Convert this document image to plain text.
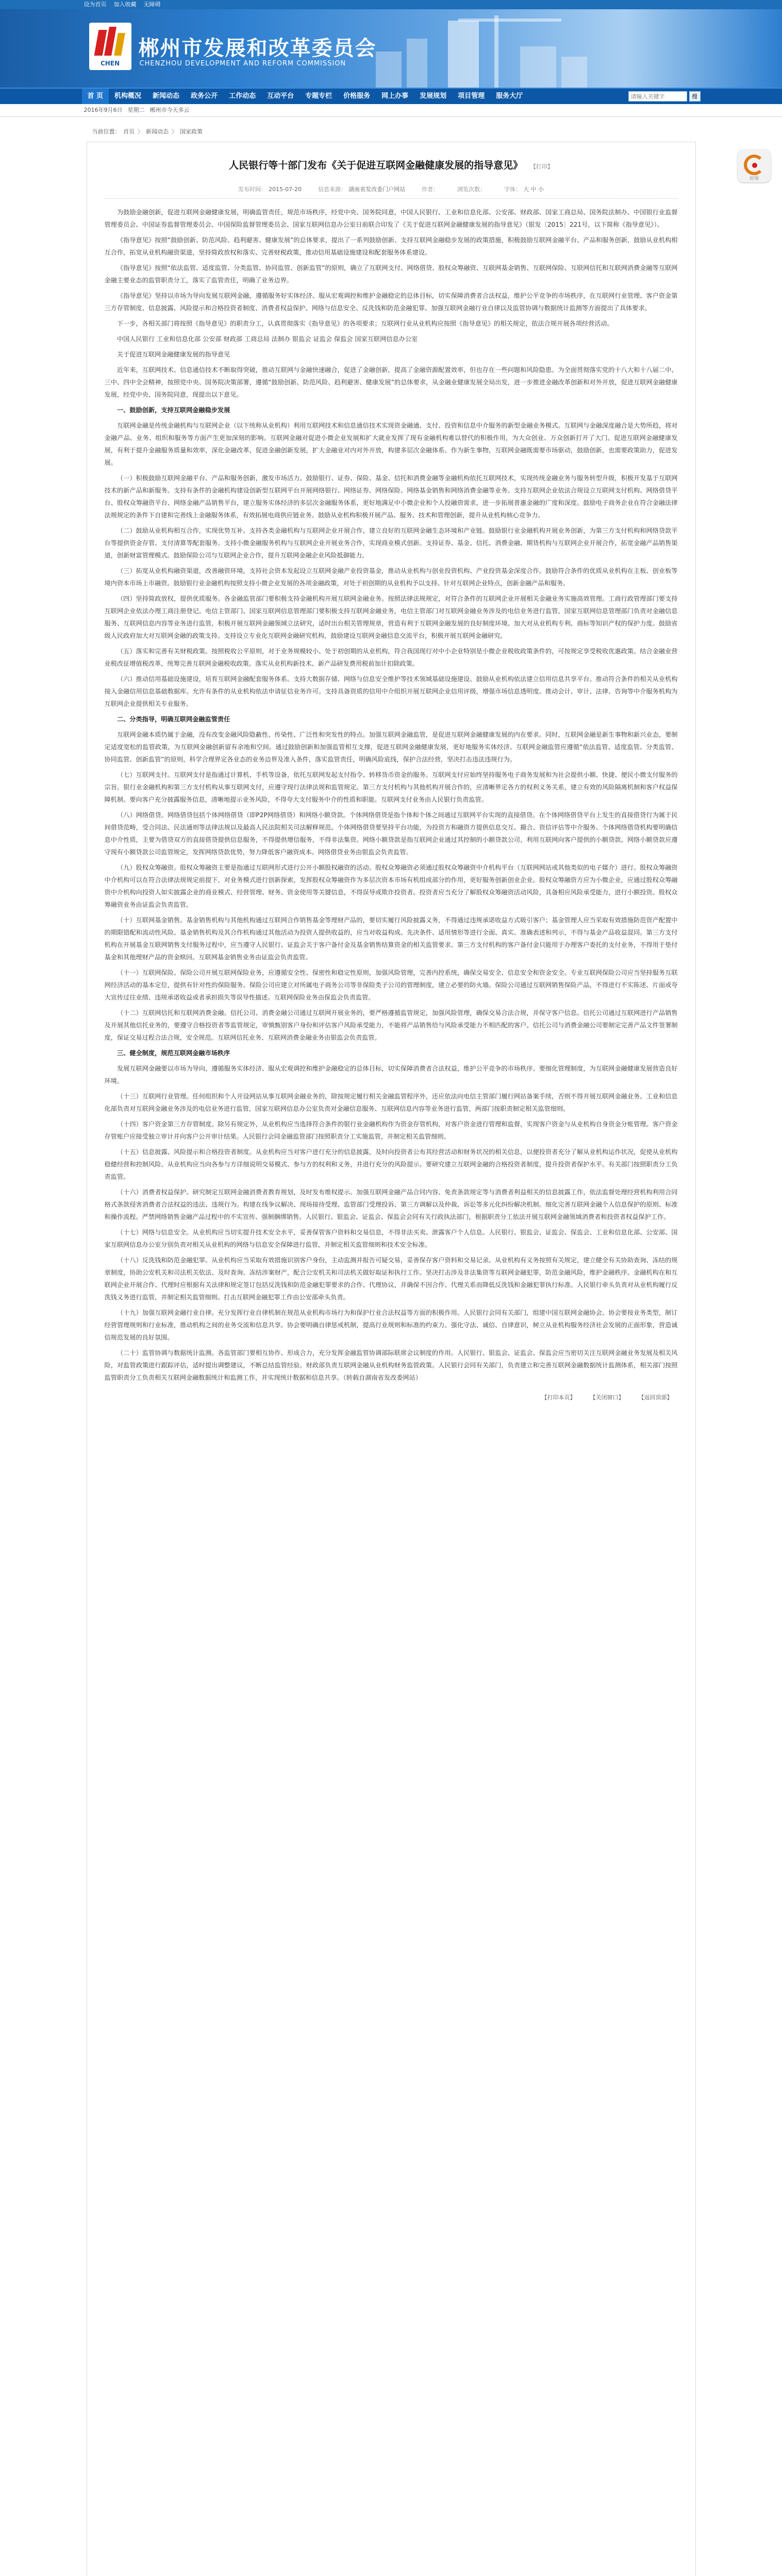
设为首页 加入收藏 无障碍
CHEN
郴州市发展和改革委员会
CHENZHOU DEVELOPMENT AND REFORM COMMISSION
首 页	机构概况	新闻动态	政务公开	工作动态	互动平台	专题专栏	价格服务	网上办事	发展规划	项目管理	服务大厅
请输入关键字	搜
2016年9月6日 星期二 郴州市今天多云
当前位置： 首页 〉 新闻动态 〉 国家政策
人民银行等十部门发布《关于促进互联网金融健康发展的指导意见》 【打印】
发布时间： 2015-07-20	信息来源： 湖南省发改委门户网站	作者：	浏览次数：	字体： 大 中 小

为鼓励金融创新，促进互联网金融健康发展，明确监管责任，规范市场秩序，经党中央、国务院同意，中国人民银行、工业和信息化部、公安部、财政部、国家工商总局、国务院法制办、中国银行业监督管理委员会、中国证券监督管理委员会、中国保险监督管理委员会、国家互联网信息办公室日前联合印发了《关于促进互联网金融健康发展的指导意见》（银发〔2015〕221号，以下简称《指导意见》）。

《指导意见》按照“鼓励创新、防范风险、趋利避害、健康发展”的总体要求，提出了一系列鼓励创新、支持互联网金融稳步发展的政策措施，积极鼓励互联网金融平台、产品和服务创新，鼓励从业机构相互合作，拓宽从业机构融资渠道，坚持简政放权和落实、完善财税政策，推动信用基础设施建设和配套服务体系建设。

《指导意见》按照“依法监管、适度监管、分类监管、协同监管、创新监管”的原则，确立了互联网支付、网络借贷、股权众筹融资、互联网基金销售、互联网保险、互联网信托和互联网消费金融等互联网金融主要业态的监管职责分工，落实了监管责任，明确了业务边界。

《指导意见》坚持以市场为导向发展互联网金融，遵循服务好实体经济、服从宏观调控和维护金融稳定的总体目标，切实保障消费者合法权益，维护公平竞争的市场秩序，在互联网行业管理、客户资金第三方存管制度、信息披露、风险提示和合格投资者制度、消费者权益保护、网络与信息安全、反洗钱和防范金融犯罪、加强互联网金融行业自律以及监管协调与数据统计监测等方面提出了具体要求。

下一步，各相关部门将按照《指导意见》的职责分工，认真贯彻落实《指导意见》的各项要求；互联网行业从业机构应按照《指导意见》的相关规定，依法合规开展各项经营活动。

中国人民银行 工业和信息化部 公安部 财政部 工商总局 法制办 银监会 证监会 保监会 国家互联网信息办公室

关于促进互联网金融健康发展的指导意见

近年来，互联网技术、信息通信技术不断取得突破，推动互联网与金融快速融合，促进了金融创新，提高了金融资源配置效率，但也存在一些问题和风险隐患。为全面贯彻落实党的十八大和十八届二中、三中、四中全会精神，按照党中央、国务院决策部署，遵循“鼓励创新、防范风险、趋利避害、健康发展”的总体要求，从金融业健康发展全局出发，进一步推进金融改革创新和对外开放，促进互联网金融健康发展，经党中央、国务院同意，现提出以下意见。

一、鼓励创新，支持互联网金融稳步发展

互联网金融是传统金融机构与互联网企业（以下统称从业机构）利用互联网技术和信息通信技术实现资金融通、支付、投资和信息中介服务的新型金融业务模式。互联网与金融深度融合是大势所趋，将对金融产品、业务、组织和服务等方面产生更加深刻的影响。互联网金融对促进小微企业发展和扩大就业发挥了现有金融机构难以替代的积极作用，为大众创业、万众创新打开了大门。促进互联网金融健康发展，有利于提升金融服务质量和效率，深化金融改革，促进金融创新发展，扩大金融业对内对外开放，构建多层次金融体系。作为新生事物，互联网金融既需要市场驱动，鼓励创新，也需要政策助力，促进发展。

（一）积极鼓励互联网金融平台、产品和服务创新，激发市场活力。鼓励银行、证券、保险、基金、信托和消费金融等金融机构依托互联网技术，实现传统金融业务与服务转型升级，积极开发基于互联网技术的新产品和新服务。支持有条件的金融机构建设创新型互联网平台开展网络银行、网络证券、网络保险、网络基金销售和网络消费金融等业务。支持互联网企业依法合规设立互联网支付机构、网络借贷平台、股权众筹融资平台、网络金融产品销售平台，建立服务实体经济的多层次金融服务体系，更好地满足中小微企业和个人投融资需求，进一步拓展普惠金融的广度和深度。鼓励电子商务企业在符合金融法律法规规定的条件下自建和完善线上金融服务体系，有效拓展电商供应链业务。鼓励从业机构积极开展产品、服务、技术和管理创新，提升从业机构核心竞争力。

（二）鼓励从业机构相互合作，实现优势互补。支持各类金融机构与互联网企业开展合作，建立良好的互联网金融生态环境和产业链。鼓励银行业金融机构开展业务创新，为第三方支付机构和网络贷款平台等提供资金存管、支付清算等配套服务。支持小微金融服务机构与互联网企业开展业务合作，实现商业模式创新。支持证券、基金、信托、消费金融、期货机构与互联网企业开展合作，拓宽金融产品销售渠道，创新财富管理模式。鼓励保险公司与互联网企业合作，提升互联网金融企业风险抵御能力。

（三）拓宽从业机构融资渠道，改善融资环境。支持社会资本发起设立互联网金融产业投资基金，推动从业机构与创业投资机构、产业投资基金深度合作。鼓励符合条件的优质从业机构在主板、创业板等境内资本市场上市融资。鼓励银行业金融机构按照支持小微企业发展的各项金融政策，对处于初创期的从业机构予以支持。针对互联网企业特点，创新金融产品和服务。

（四）坚持简政放权，提供优质服务。各金融监管部门要积极支持金融机构开展互联网金融业务。按照法律法规规定，对符合条件的互联网企业开展相关金融业务实施高效管理。工商行政管理部门要支持互联网企业依法办理工商注册登记。电信主管部门、国家互联网信息管理部门要积极支持互联网金融业务，电信主管部门对互联网金融业务涉及的电信业务进行监管，国家互联网信息管理部门负责对金融信息服务、互联网信息内容等业务进行监管，积极开展互联网金融领域立法研究，适时出台相关管理规章，营造有利于互联网金融发展的良好制度环境。加大对从业机构专利、商标等知识产权的保护力度。鼓励省级人民政府加大对互联网金融的政策支持。支持设立专业化互联网金融研究机构，鼓励建设互联网金融信息交流平台，积极开展互联网金融研究。

（五）落实和完善有关财税政策。按照税收公平原则，对于业务规模较小、处于初创期的从业机构，符合我国现行对中小企业特别是小微企业税收政策条件的，可按规定享受税收优惠政策。结合金融业营业税改征增值税改革，统筹完善互联网金融税收政策。落实从业机构新技术、新产品研发费用税前加计扣除政策。

（六）推动信用基础设施建设，培育互联网金融配套服务体系。支持大数据存储、网络与信息安全维护等技术领域基础设施建设。鼓励从业机构依法建立信用信息共享平台。推动符合条件的相关从业机构接入金融信用信息基础数据库。允许有条件的从业机构依法申请征信业务许可。支持具备资质的信用中介组织开展互联网企业信用评级，增强市场信息透明度。推动会计、审计、法律、咨询等中介服务机构为互联网企业提供相关专业服务。

二、分类指导，明确互联网金融监管责任

互联网金融本质仍属于金融，没有改变金融风险隐蔽性、传染性、广泛性和突发性的特点。加强互联网金融监管，是促进互联网金融健康发展的内在要求。同时，互联网金融是新生事物和新兴业态，要制定适度宽松的监管政策，为互联网金融创新留有余地和空间。通过鼓励创新和加强监管相互支撑，促进互联网金融健康发展，更好地服务实体经济。互联网金融监管应遵循“依法监管、适度监管、分类监管、协同监管、创新监管”的原则，科学合理界定各业态的业务边界及准入条件，落实监管责任，明确风险底线，保护合法经营，坚决打击违法违规行为。

（七）互联网支付。互联网支付是指通过计算机、手机等设备，依托互联网发起支付指令、转移货币资金的服务。互联网支付应始终坚持服务电子商务发展和为社会提供小额、快捷、便民小微支付服务的宗旨。银行业金融机构和第三方支付机构从事互联网支付，应遵守现行法律法规和监管规定。第三方支付机构与其他机构开展合作的，应清晰界定各方的权利义务关系，建立有效的风险隔离机制和客户权益保障机制。要向客户充分披露服务信息，清晰地提示业务风险，不得夸大支付服务中介的性质和职能。互联网支付业务由人民银行负责监管。

（八）网络借贷。网络借贷包括个体网络借贷（即P2P网络借贷）和网络小额贷款。个体网络借贷是指个体和个体之间通过互联网平台实现的直接借贷。在个体网络借贷平台上发生的直接借贷行为属于民间借贷范畴，受合同法、民法通则等法律法规以及最高人民法院相关司法解释规范。个体网络借贷要坚持平台功能，为投资方和融资方提供信息交互、撮合、资信评估等中介服务。个体网络借贷机构要明确信息中介性质，主要为借贷双方的直接借贷提供信息服务，不得提供增信服务，不得非法集资。网络小额贷款是指互联网企业通过其控制的小额贷款公司，利用互联网向客户提供的小额贷款。网络小额贷款应遵守现有小额贷款公司监管规定，发挥网络贷款优势，努力降低客户融资成本。网络借贷业务由银监会负责监管。

（九）股权众筹融资。股权众筹融资主要是指通过互联网形式进行公开小额股权融资的活动。股权众筹融资必须通过股权众筹融资中介机构平台（互联网网站或其他类似的电子媒介）进行。股权众筹融资中介机构可以在符合法律法规规定前提下，对业务模式进行创新探索，发挥股权众筹融资作为多层次资本市场有机组成部分的作用，更好服务创新创业企业。股权众筹融资方应为小微企业，应通过股权众筹融资中介机构向投资人如实披露企业的商业模式、经营管理、财务、资金使用等关键信息，不得误导或欺诈投资者。投资者应当充分了解股权众筹融资活动风险，具备相应风险承受能力，进行小额投资。股权众筹融资业务由证监会负责监管。

（十）互联网基金销售。基金销售机构与其他机构通过互联网合作销售基金等理财产品的，要切实履行风险披露义务，不得通过违规承诺收益方式吸引客户；基金管理人应当采取有效措施防范资产配置中的期限错配和流动性风险。基金销售机构及其合作机构通过其他活动为投资人提供收益的，应当对收益构成、先决条件、适用情形等进行全面、真实、准确表述和列示，不得与基金产品收益混同。第三方支付机构在开展基金互联网销售支付服务过程中，应当遵守人民银行、证监会关于客户备付金及基金销售结算资金的相关监管要求。第三方支付机构的客户备付金只能用于办理客户委托的支付业务，不得用于垫付基金和其他理财产品的资金赎回。互联网基金销售业务由证监会负责监管。

（十一）互联网保险。保险公司开展互联网保险业务，应遵循安全性、保密性和稳定性原则，加强风险管理，完善内控系统，确保交易安全、信息安全和资金安全。专业互联网保险公司应当坚持服务互联网经济活动的基本定位，提供有针对性的保险服务。保险公司应建立对所属电子商务公司等非保险类子公司的管理制度，建立必要的防火墙。保险公司通过互联网销售保险产品，不得进行不实陈述、片面或夸大宣传过往业绩、违规承诺收益或者承担损失等误导性描述。互联网保险业务由保监会负责监管。

（十二）互联网信托和互联网消费金融。信托公司、消费金融公司通过互联网开展业务的，要严格遵循监管规定，加强风险管理，确保交易合法合规，并保守客户信息。信托公司通过互联网进行产品销售及开展其他信托业务的，要遵守合格投资者等监管规定，审慎甄别客户身份和评估客户风险承受能力，不能将产品销售给与风险承受能力不相匹配的客户。信托公司与消费金融公司要制定完善产品文件签署制度，保证交易过程合法合规，安全规范。互联网信托业务、互联网消费金融业务由银监会负责监管。

三、健全制度，规范互联网金融市场秩序

发展互联网金融要以市场为导向，遵循服务实体经济、服从宏观调控和维护金融稳定的总体目标，切实保障消费者合法权益，维护公平竞争的市场秩序。要细化管理制度，为互联网金融健康发展营造良好环境。

（十三）互联网行业管理。任何组织和个人开设网站从事互联网金融业务的，除按规定履行相关金融监管程序外，还应依法向电信主管部门履行网站备案手续，否则不得开展互联网金融业务。工业和信息化部负责对互联网金融业务涉及的电信业务进行监管，国家互联网信息办公室负责对金融信息服务、互联网信息内容等业务进行监管，两部门按职责制定相关监管细则。

（十四）客户资金第三方存管制度。除另有规定外，从业机构应当选择符合条件的银行业金融机构作为资金存管机构，对客户资金进行管理和监督，实现客户资金与从业机构自身资金分账管理。客户资金存管账户应接受独立审计并向客户公开审计结果。人民银行会同金融监管部门按照职责分工实施监管，并制定相关监管细则。

（十五）信息披露、风险提示和合格投资者制度。从业机构应当对客户进行充分的信息披露，及时向投资者公布其经营活动和财务状况的相关信息，以便投资者充分了解从业机构运作状况，促使从业机构稳健经营和控制风险。从业机构应当向各参与方详细说明交易模式、参与方的权利和义务，并进行充分的风险提示。要研究建立互联网金融的合格投资者制度，提升投资者保护水平。有关部门按照职责分工负责监管。

（十六）消费者权益保护。研究制定互联网金融消费者教育规划，及时发布维权提示。加强互联网金融产品合同内容、免责条款规定等与消费者利益相关的信息披露工作，依法监督处理经营机构利用合同格式条款侵害消费者合法权益的违法、违规行为。构建在线争议解决、现场接待受理、监管部门受理投诉、第三方调解以及仲裁、诉讼等多元化纠纷解决机制。细化完善互联网金融个人信息保护的原则、标准和操作流程。严禁网络销售金融产品过程中的不实宣传、强制捆绑销售。人民银行、银监会、证监会、保监会会同有关行政执法部门，根据职责分工依法开展互联网金融领域消费者和投资者权益保护工作。

（十七）网络与信息安全。从业机构应当切实提升技术安全水平，妥善保管客户资料和交易信息，不得非法买卖、泄露客户个人信息。人民银行、银监会、证监会、保监会、工业和信息化部、公安部、国家互联网信息办公室分别负责对相关从业机构的网络与信息安全保障进行监管，并制定相关监管细则和技术安全标准。

（十八）反洗钱和防范金融犯罪。从业机构应当采取有效措施识别客户身份，主动监测并报告可疑交易，妥善保存客户资料和交易记录。从业机构有义务按照有关规定，建立健全有关协助查询、冻结的规章制度，协助公安机关和司法机关依法、及时查询、冻结涉案财产，配合公安机关和司法机关做好取证和执行工作。坚决打击涉及非法集资等互联网金融犯罪，防范金融风险，维护金融秩序。金融机构在和互联网企业开展合作、代理时应根据有关法律和规定签订包括反洗钱和防范金融犯罪要求的合作、代理协议，并确保不因合作、代理关系而降低反洗钱和金融犯罪执行标准。人民银行牵头负责对从业机构履行反洗钱义务进行监管，并制定相关监管细则。打击互联网金融犯罪工作由公安部牵头负责。

（十九）加强互联网金融行业自律。充分发挥行业自律机制在规范从业机构市场行为和保护行业合法权益等方面的积极作用。人民银行会同有关部门，组建中国互联网金融协会。协会要按业务类型，制订经营管理规则和行业标准，推动机构之间的业务交流和信息共享。协会要明确自律惩戒机制，提高行业规则和标准的约束力。强化守法、诚信、自律意识，树立从业机构服务经济社会发展的正面形象，营造诚信规范发展的良好氛围。

（二十）监管协调与数据统计监测。各监管部门要相互协作、形成合力，充分发挥金融监管协调部际联席会议制度的作用。人民银行、银监会、证监会、保监会应当密切关注互联网金融业务发展及相关风险，对监管政策进行跟踪评估，适时提出调整建议，不断总结监管经验。财政部负责互联网金融从业机构财务监管政策。人民银行会同有关部门，负责建立和完善互联网金融数据统计监测体系，相关部门按照监管职责分工负责相关互联网金融数据统计和监测工作，并实现统计数据和信息共享。（转载自湖南省发改委网站）

【打印本页】	【关闭窗口】	【返回顶部】
应用
